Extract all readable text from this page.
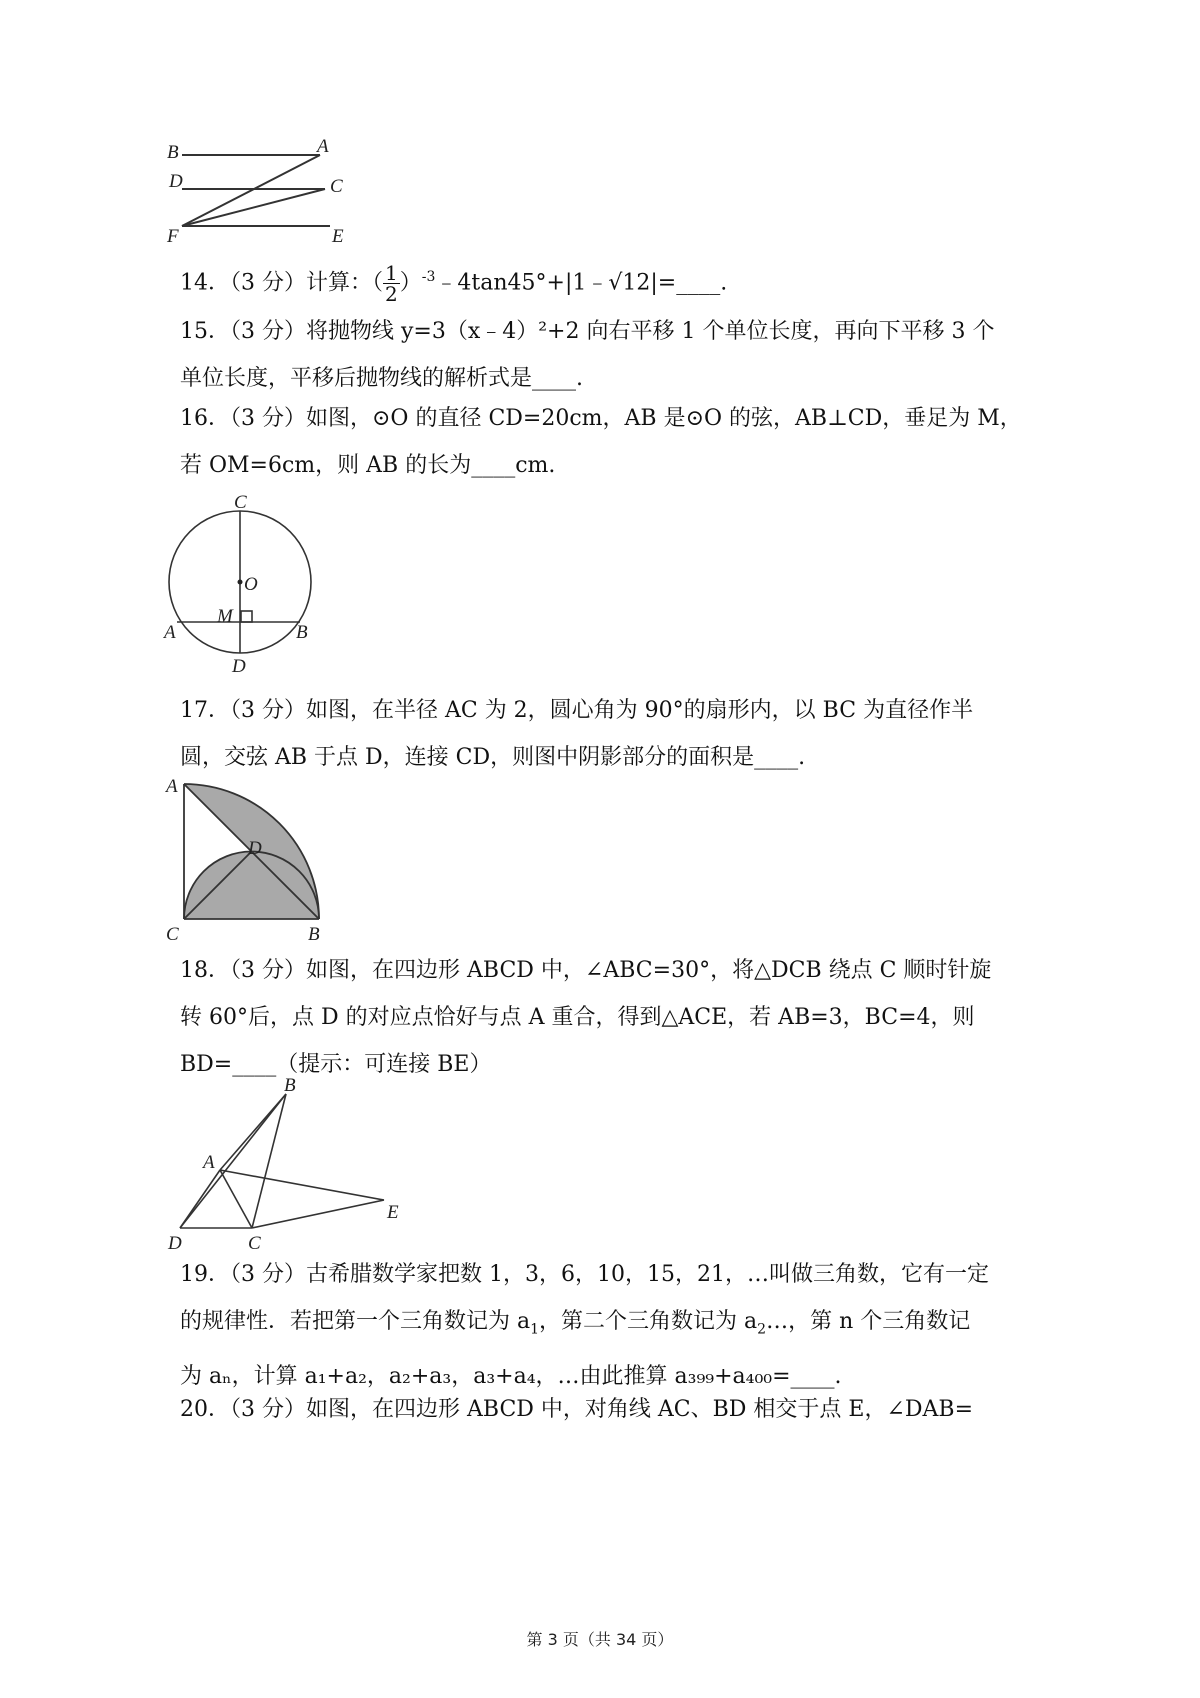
B	A
D	C
F	E

14．（3 分）计算：（ $\frac{1}{2}$ ）$^{-3}$﹣4tan45°+|1﹣√12|=____.

15．（3 分）将抛物线 y=3（x﹣4）²+2 向右平移 1 个单位长度，再向下平移 3 个

单位长度，平移后抛物线的解析式是____.

16．（3 分）如图，⊙O 的直径 CD=20cm，AB 是⊙O 的弦，AB⊥CD，垂足为 M，

若 OM=6cm，则 AB 的长为____cm.

C
O
M
A	B
D

17．（3 分）如图，在半径 AC 为 2，圆心角为 90°的扇形内，以 BC 为直径作半

圆，交弦 AB 于点 D，连接 CD，则图中阴影部分的面积是____.

A
D
C	B

18．（3 分）如图，在四边形 ABCD 中，∠ABC=30°，将△DCB 绕点 C 顺时针旋

转 60°后，点 D 的对应点恰好与点 A 重合，得到△ACE，若 AB=3，BC=4，则

BD=____（提示：可连接 BE）

B
A
E
D	C

19．（3 分）古希腊数学家把数 1，3，6，10，15，21，…叫做三角数，它有一定

的规律性．若把第一个三角数记为 $a_1$，第二个三角数记为 $a_2\dots$，第 n 个三角数记

为 aₙ，计算 a₁+a₂，a₂+a₃，a₃+a₄，…由此推算 a₃₉₉+a₄₀₀=____.

20．（3 分）如图，在四边形 ABCD 中，对角线 AC、BD 相交于点 E，∠DAB=

第 3 页（共 34 页）
